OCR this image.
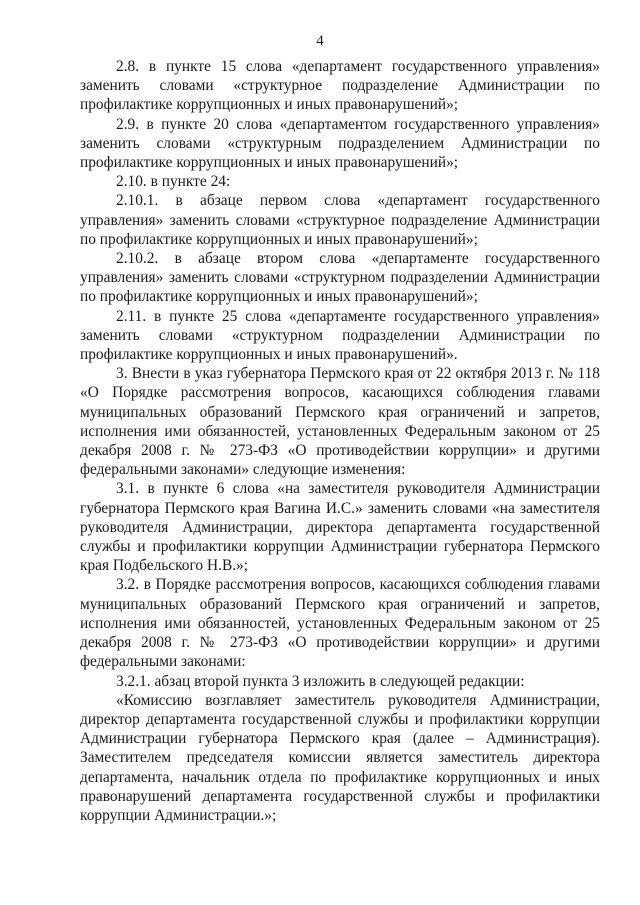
4

2.8. в пункте 15 слова «департамент государственного управления» заменить словами «структурное подразделение Администрации по профилактике коррупционных и иных правонарушений»;

2.9. в пункте 20 слова «департаментом государственного управления» заменить словами «структурным подразделением Администрации по профилактике коррупционных и иных правонарушений»;

2.10. в пункте 24:

2.10.1. в абзаце первом слова «департамент государственного управления» заменить словами «структурное подразделение Администрации по профилактике коррупционных и иных правонарушений»;

2.10.2. в абзаце втором слова «департаменте государственного управления» заменить словами «структурном подразделении Администрации по профилактике коррупционных и иных правонарушений»;

2.11. в пункте 25 слова «департаменте государственного управления» заменить словами «структурном подразделении Администрации по профилактике коррупционных и иных правонарушений».

3. Внести в указ губернатора Пермского края от 22 октября 2013 г. № 118 «О Порядке рассмотрения вопросов, касающихся соблюдения главами муниципальных образований Пермского края ограничений и запретов, исполнения ими обязанностей, установленных Федеральным законом от 25 декабря 2008 г. № 273-ФЗ «О противодействии коррупции» и другими федеральными законами» следующие изменения:

3.1. в пункте 6 слова «на заместителя руководителя Администрации губернатора Пермского края Вагина И.С.» заменить словами «на заместителя руководителя Администрации, директора департамента государственной службы и профилактики коррупции Администрации губернатора Пермского края Подбельского Н.В.»;

3.2. в Порядке рассмотрения вопросов, касающихся соблюдения главами муниципальных образований Пермского края ограничений и запретов, исполнения ими обязанностей, установленных Федеральным законом от 25 декабря 2008 г. № 273-ФЗ «О противодействии коррупции» и другими федеральными законами:

3.2.1. абзац второй пункта 3 изложить в следующей редакции:

«Комиссию возглавляет заместитель руководителя Администрации, директор департамента государственной службы и профилактики коррупции Администрации губернатора Пермского края (далее – Администрация). Заместителем председателя комиссии является заместитель директора департамента, начальник отдела по профилактике коррупционных и иных правонарушений департамента государственной службы и профилактики коррупции Администрации.»;
